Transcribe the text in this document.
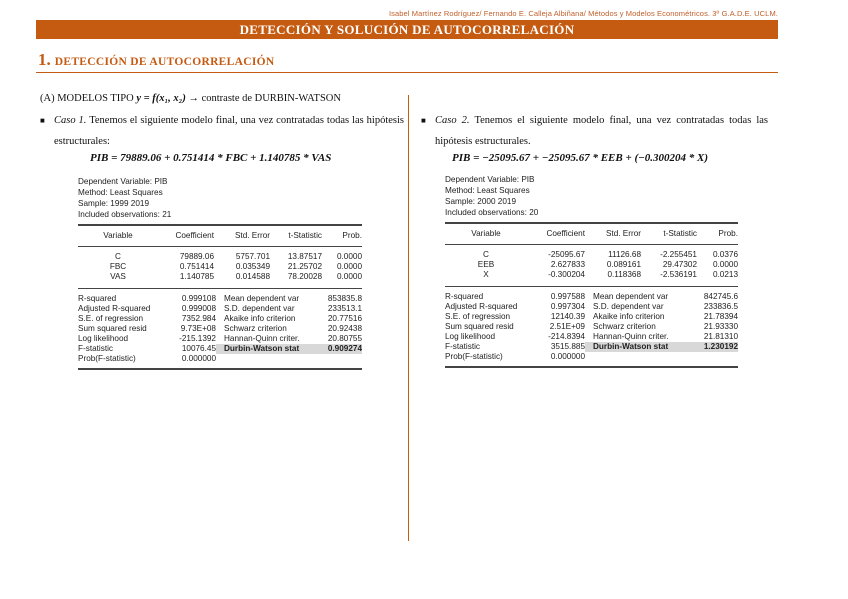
Isabel Martínez Rodríguez/ Fernando E. Calleja Albiñana/ Métodos y Modelos Econométricos. 3º G.A.D.E. UCLM.
DETECCIÓN Y SOLUCIÓN DE AUTOCORRELACIÓN
1. DETECCIÓN DE AUTOCORRELACIÓN
(A) MODELOS TIPO y = f(x₁, x₂) → contraste de DURBIN-WATSON
■ Caso 1. Tenemos el siguiente modelo final, una vez contratadas todas las hipótesis estructurales:
PIB = 79889.06 + 0.751414 * FBC + 1.140785 * VAS
Dependent Variable: PIB
Method: Least Squares
Sample: 1999 2019
Included observations: 21
Variable	Coefficient	Std. Error	t-Statistic	Prob.
C	79889.06	5757.701	13.87517	0.0000
FBC	0.751414	0.035349	21.25702	0.0000
VAS	1.140785	0.014588	78.20028	0.0000
R-squared	0.999108	Mean dependent var	853835.8
Adjusted R-squared	0.999008	S.D. dependent var	233513.1
S.E. of regression	7352.984	Akaike info criterion	20.77516
Sum squared resid	9.73E+08	Schwarz criterion	20.92438
Log likelihood	-215.1392	Hannan-Quinn criter.	20.80755
F-statistic	10076.45	Durbin-Watson stat	0.909274
Prob(F-statistic)	0.000000		
■ Caso 2. Tenemos el siguiente modelo final, una vez contratadas todas las hipótesis estructurales.
PIB = −25095.67 + −25095.67 * EEB + (−0.300204 * X)
Dependent Variable: PIB
Method: Least Squares
Sample: 2000 2019
Included observations: 20
Variable	Coefficient	Std. Error	t-Statistic	Prob.
C	-25095.67	11126.68	-2.255451	0.0376
EEB	2.627833	0.089161	29.47302	0.0000
X	-0.300204	0.118368	-2.536191	0.0213
R-squared	0.997588	Mean dependent var	842745.6
Adjusted R-squared	0.997304	S.D. dependent var	233836.5
S.E. of regression	12140.39	Akaike info criterion	21.78394
Sum squared resid	2.51E+09	Schwarz criterion	21.93330
Log likelihood	-214.8394	Hannan-Quinn criter.	21.81310
F-statistic	3515.885	Durbin-Watson stat	1.230192
Prob(F-statistic)	0.000000		
